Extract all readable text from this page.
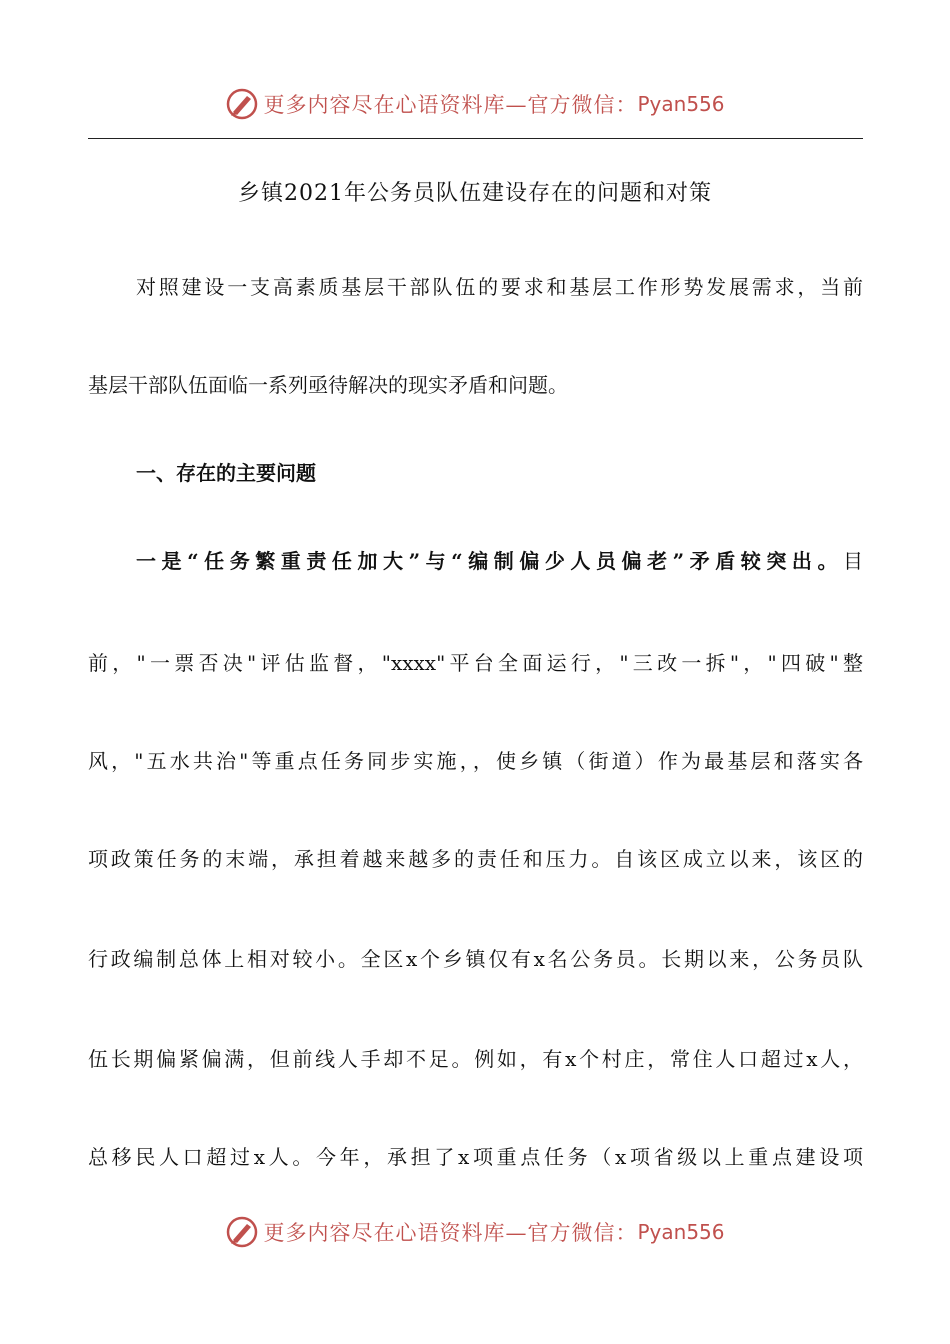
更多内容尽在心语资料库—官方微信： Pyan556
乡镇2021年公务员队伍建设存在的问题和对策
对照建设一支高素质基层干部队伍的要求和基层工作形势发展需求，当前
基层干部队伍面临一系列亟待解决的现实矛盾和问题。
一、存在的主要问题
一是“任务繁重责任加大”与“编制偏少人员偏老”矛盾较突出。目
前，"一票否决"评估监督，"xxxx"平台全面运行，"三改一拆"，"四破"整
风，"五水共治"等重点任务同步实施，，使乡镇（街道）作为最基层和落实各
项政策任务的末端，承担着越来越多的责任和压力。自该区成立以来，该区的
行政编制总体上相对较小。全区x个乡镇仅有x名公务员。长期以来，公务员队
伍长期偏紧偏满，但前线人手却不足。例如，有x个村庄，常住人口超过x人，
总移民人口超过x人。今年，承担了x项重点任务（x项省级以上重点建设项
更多内容尽在心语资料库—官方微信： Pyan556
